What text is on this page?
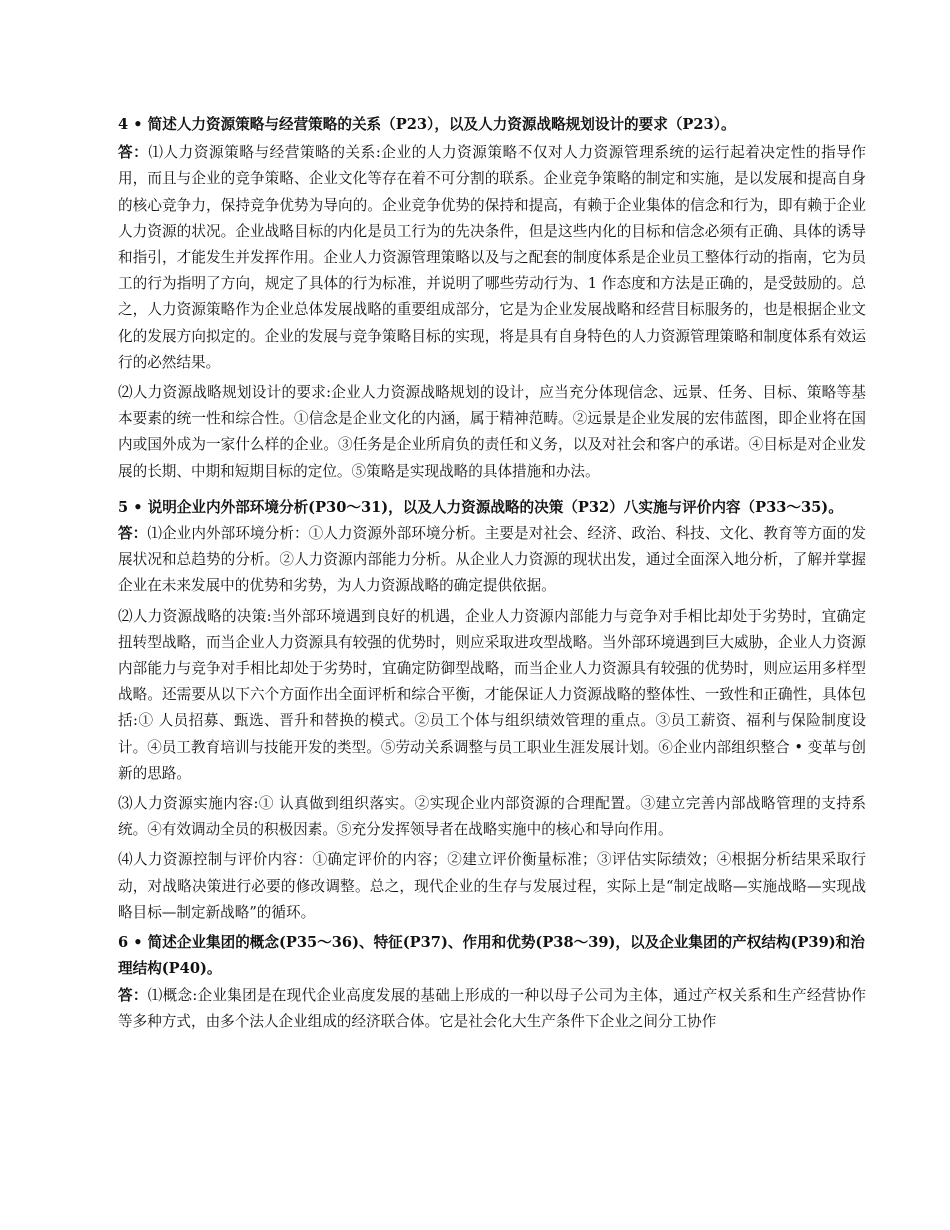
4 • 简述人力资源策略与经营策略的关系（P23），以及人力资源战略规划设计的要求（P23）。

答：⑴人力资源策略与经营策略的关系:企业的人力资源策略不仅对人力资源管理系统的运行起着决定性的指导作用，而且与企业的竞争策略、企业文化等存在着不可分割的联系。企业竞争策略的制定和实施，是以发展和提高自身的核心竞争力，保持竞争优势为导向的。企业竞争优势的保持和提高，有赖于企业集体的信念和行为，即有赖于企业人力资源的状况。企业战略目标的内化是员工行为的先决条件，但是这些内化的目标和信念必须有正确、具体的诱导和指引，才能发生并发挥作用。企业人力资源管理策略以及与之配套的制度体系是企业员工整体行动的指南，它为员工的行为指明了方向，规定了具体的行为标准，并说明了哪些劳动行为、1 作态度和方法是正确的，是受鼓励的。总之，人力资源策略作为企业总体发展战略的重要组成部分，它是为企业发展战略和经营目标服务的，也是根据企业文化的发展方向拟定的。企业的发展与竞争策略目标的实现，将是具有自身特色的人力资源管理策略和制度体系有效运行的必然结果。

⑵人力资源战略规划设计的要求:企业人力资源战略规划的设计，应当充分体现信念、远景、任务、目标、策略等基本要素的统一性和综合性。①信念是企业文化的内涵，属于精神范畴。②远景是企业发展的宏伟蓝图，即企业将在国内或国外成为一家什么样的企业。③任务是企业所肩负的责任和义务，以及对社会和客户的承诺。④目标是对企业发展的长期、中期和短期目标的定位。⑤策略是实现战略的具体措施和办法。

5 • 说明企业内外部环境分析(P30～31)，以及人力资源战略的决策（P32）八实施与评价内容（P33～35)。

答：⑴企业内外部环境分析：①人力资源外部环境分析。主要是对社会、经济、政治、科技、文化、教育等方面的发展状况和总趋势的分析。②人力资源内部能力分析。从企业人力资源的现状出发，通过全面深入地分析，了解并掌握企业在未来发展中的优势和劣势，为人力资源战略的确定提供依据。

⑵人力资源战略的决策:当外部环境遇到良好的机遇，企业人力资源内部能力与竞争对手相比却处于劣势时，宜确定扭转型战略，而当企业人力资源具有较强的优势时，则应采取进攻型战略。当外部环境遇到巨大威胁，企业人力资源内部能力与竞争对手相比却处于劣势时，宜确定防御型战略，而当企业人力资源具有较强的优势时，则应运用多样型战略。还需要从以下六个方面作出全面评析和综合平衡，才能保证人力资源战略的整体性、一致性和正确性，具体包括:① 人员招募、甄选、晋升和替换的模式。②员工个体与组织绩效管理的重点。③员工薪资、福利与保险制度设计。④员工教育培训与技能开发的类型。⑤劳动关系调整与员工职业生涯发展计划。⑥企业内部组织整合 • 变革与创新的思路。

⑶人力资源实施内容:① 认真做到组织落实。②实现企业内部资源的合理配置。③建立完善内部战略管理的支持系统。④有效调动全员的积极因素。⑤充分发挥领导者在战略实施中的核心和导向作用。

⑷人力资源控制与评价内容：①确定评价的内容；②建立评价衡量标准；③评估实际绩效；④根据分析结果采取行动，对战略决策进行必要的修改调整。总之，现代企业的生存与发展过程，实际上是“制定战略—实施战略—实现战略目标—制定新战略”的循环。

6 • 简述企业集团的概念(P35～36)、特征(P37)、作用和优势(P38～39)，以及企业集团的产权结构(P39)和治理结构(P40)。

答：⑴概念:企业集团是在现代企业高度发展的基础上形成的一种以母子公司为主体，通过产权关系和生产经营协作等多种方式，由多个法人企业组成的经济联合体。它是社会化大生产条件下企业之间分工协作
